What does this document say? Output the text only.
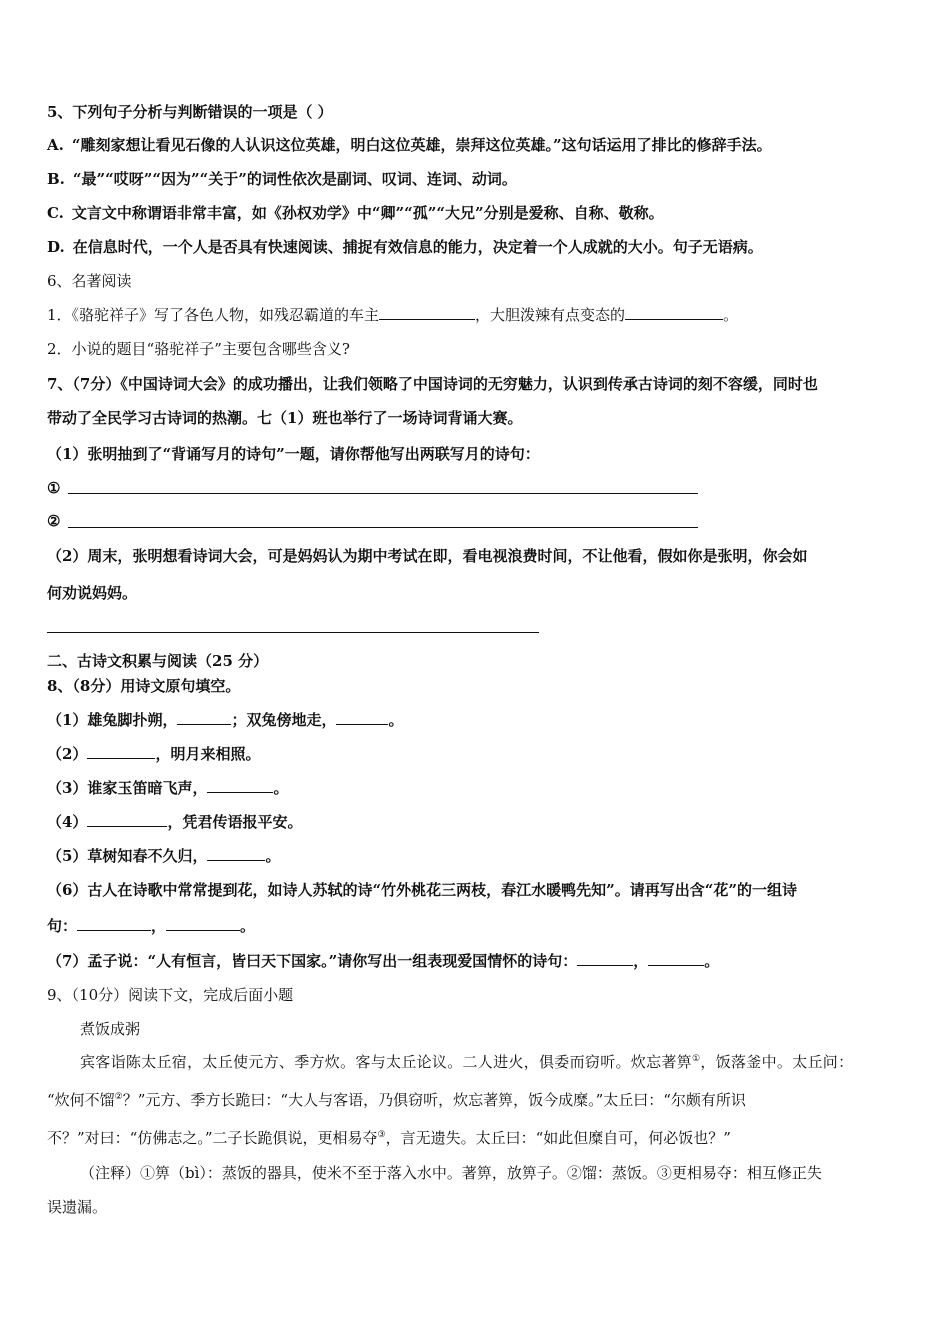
5、下列句子分析与判断错误的一项是（ ）
A. “雕刻家想让看见石像的人认识这位英雄，明白这位英雄，崇拜这位英雄。”这句话运用了排比的修辞手法。
B. “最”“哎呀”“因为”“关于”的词性依次是副词、叹词、连词、动词。
C. 文言文中称谓语非常丰富，如《孙权劝学》中“卿”“孤”“大兄”分别是爱称、自称、敬称。
D. 在信息时代，一个人是否具有快速阅读、捕捉有效信息的能力，决定着一个人成就的大小。句子无语病。
6、名著阅读
1．《骆驼祥子》写了各色人物，如残忍霸道的车主	，大胆泼辣有点变态的	。
2．小说的题目“骆驼祥子”主要包含哪些含义?
7、（7分）《中国诗词大会》的成功播出，让我们领略了中国诗词的无穷魅力，认识到传承古诗词的刻不容缓，同时也
带动了全民学习古诗词的热潮。七（1）班也举行了一场诗词背诵大赛。
（1）张明抽到了“背诵写月的诗句”一题，请你帮他写出两联写月的诗句：
①
②
（2）周末，张明想看诗词大会，可是妈妈认为期中考试在即，看电视浪费时间，不让他看，假如你是张明，你会如
何劝说妈妈。
二、古诗文积累与阅读（25 分）
8、（8分）用诗文原句填空。
（1）雄兔脚扑朔，	；双兔傍地走，	。
（2）	，明月来相照。
（3）谁家玉笛暗飞声，	。
（4）	，凭君传语报平安。
（5）草树知春不久归，	。
（6）古人在诗歌中常常提到花，如诗人苏轼的诗“竹外桃花三两枝，春江水暖鸭先知”。请再写出含“花”的一组诗
句：	，	。
（7）孟子说：“人有恒言，皆曰天下国家。”请你写出一组表现爱国情怀的诗句：	，	。
9、（10分）阅读下文，完成后面小题
煮饭成粥
宾客诣陈太丘宿，太丘使元方、季方炊。客与太丘论议。二人进火，俱委而窃听。炊忘著箅①，饭落釜中。太丘问：
“炊何不馏②？”元方、季方长跪曰：“大人与客语，乃俱窃听，炊忘著箅，饭今成糜。”太丘曰：“尔颇有所识
不？”对曰：“仿佛志之。”二子长跪俱说，更相易夺③，言无遗失。太丘曰：“如此但糜自可，何必饭也？”
（注释）①箅（bì）：蒸饭的器具，使米不至于落入水中。著箅，放箅子。②馏：蒸饭。③更相易夺：相互修正失
误遗漏。
